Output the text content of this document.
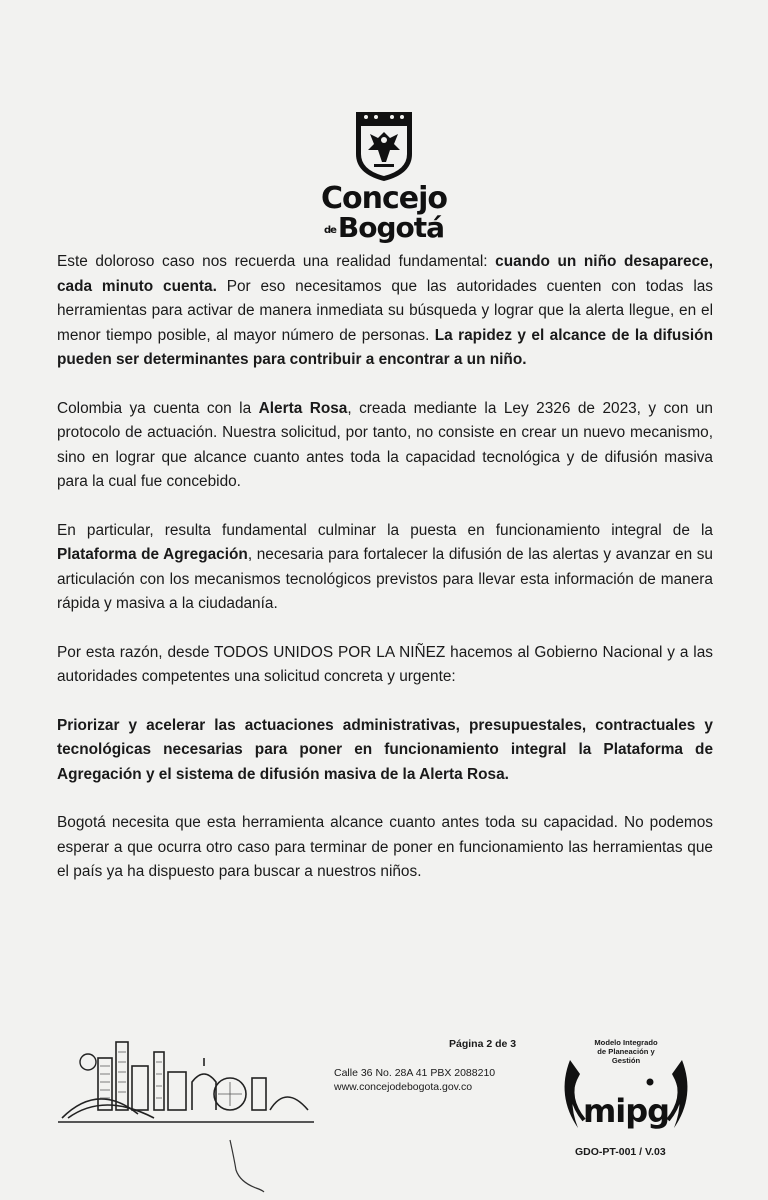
Concejo
deBogotá

Este doloroso caso nos recuerda una realidad fundamental: cuando un niño desaparece, cada minuto cuenta. Por eso necesitamos que las autoridades cuenten con todas las herramientas para activar de manera inmediata su búsqueda y lograr que la alerta llegue, en el menor tiempo posible, al mayor número de personas. La rapidez y el alcance de la difusión pueden ser determinantes para contribuir a encontrar a un niño.

Colombia ya cuenta con la Alerta Rosa, creada mediante la Ley 2326 de 2023, y con un protocolo de actuación. Nuestra solicitud, por tanto, no consiste en crear un nuevo mecanismo, sino en lograr que alcance cuanto antes toda la capacidad tecnológica y de difusión masiva para la cual fue concebido.

En particular, resulta fundamental culminar la puesta en funcionamiento integral de la Plataforma de Agregación, necesaria para fortalecer la difusión de las alertas y avanzar en su articulación con los mecanismos tecnológicos previstos para llevar esta información de manera rápida y masiva a la ciudadanía.

Por esta razón, desde TODOS UNIDOS POR LA NIÑEZ hacemos al Gobierno Nacional y a las autoridades competentes una solicitud concreta y urgente:

Priorizar y acelerar las actuaciones administrativas, presupuestales, contractuales y tecnológicas necesarias para poner en funcionamiento integral la Plataforma de Agregación y el sistema de difusión masiva de la Alerta Rosa.

Bogotá necesita que esta herramienta alcance cuanto antes toda su capacidad. No podemos esperar a que ocurra otro caso para terminar de poner en funcionamiento las herramientas que el país ya ha dispuesto para buscar a nuestros niños.

Página 2 de 3
Calle 36 No. 28A 41 PBX 2088210
www.concejodebogota.gov.co
mipg
Modelo Integrado
de Planeación y
Gestión
GDO-PT-001 / V.03
